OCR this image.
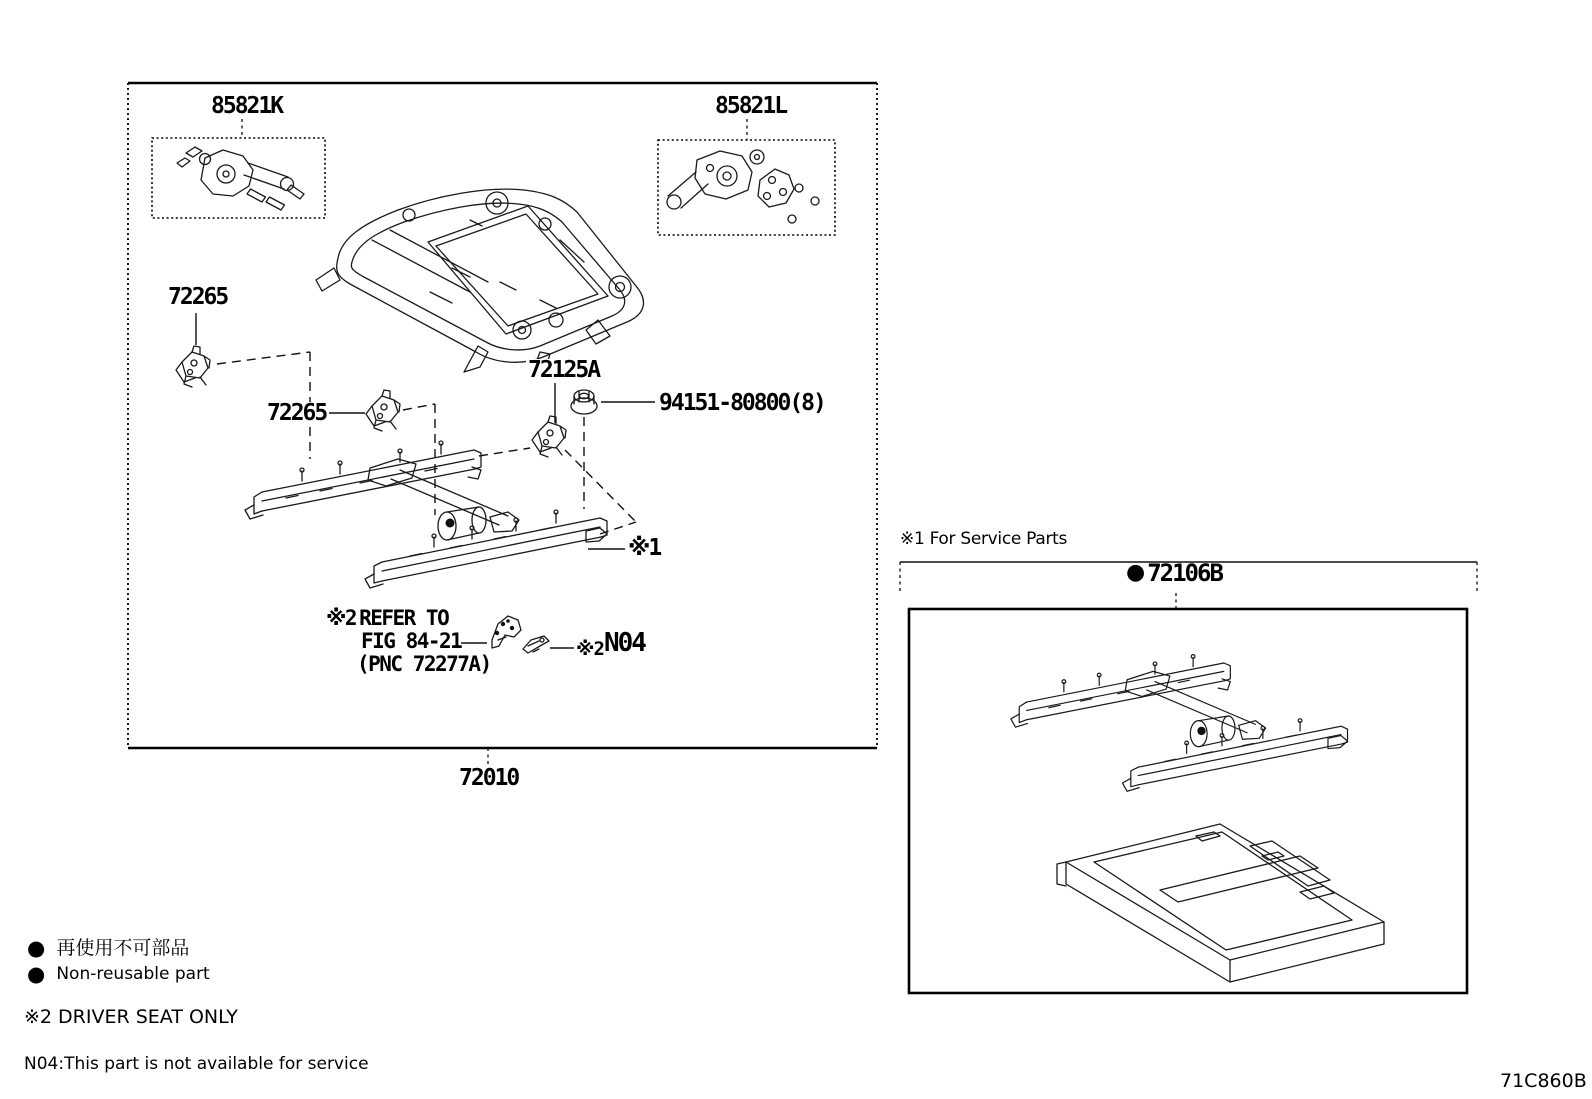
85821K	85821L
72265
72265
72125A
94151-80800(8)
※1
※2 REFER TO
FIG 84-21
(PNC 72277A)
※2 N04
72010
※1 For Service Parts
● 72106B
● 再使用不可部品
● Non-reusable part
※2 DRIVER SEAT ONLY
N04:This part is not available for service
71C860B
